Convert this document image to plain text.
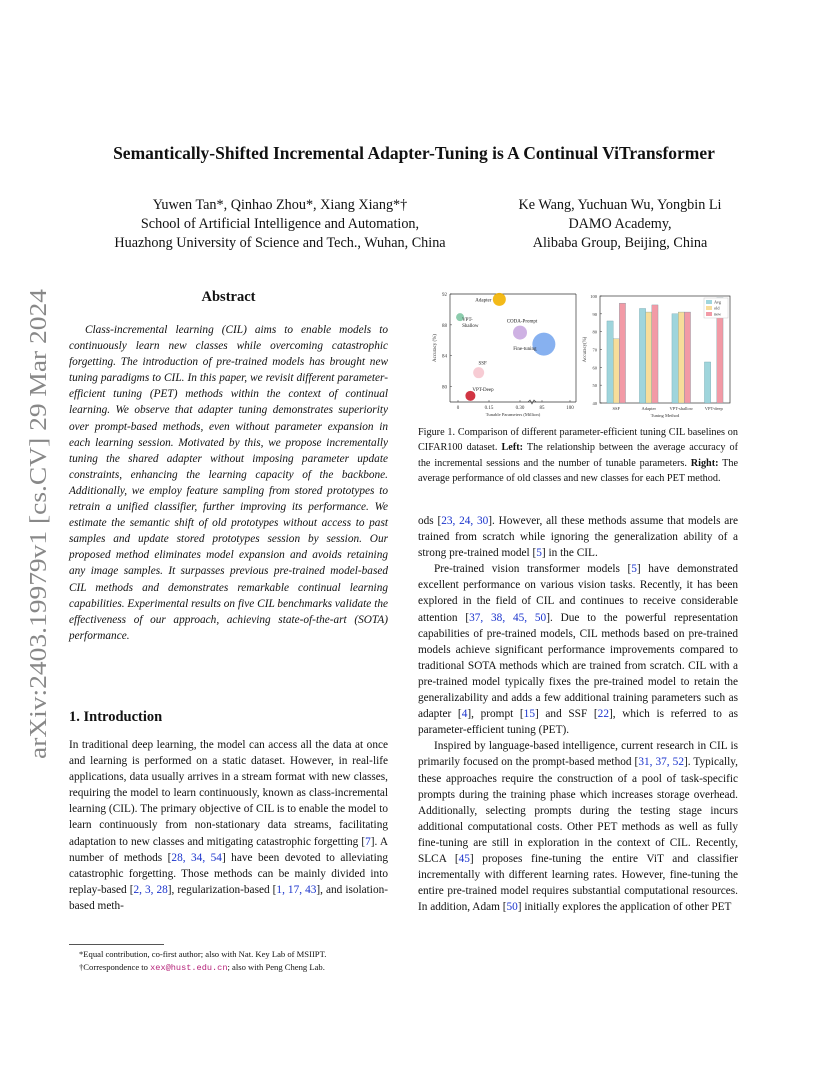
arXiv:2403.19979v1 [cs.CV] 29 Mar 2024
Semantically-Shifted Incremental Adapter-Tuning is A Continual ViTransformer
Yuwen Tan*, Qinhao Zhou*, Xiang Xiang*†
School of Artificial Intelligence and Automation,
Huazhong University of Science and Tech., Wuhan, China
Ke Wang, Yuchuan Wu, Yongbin Li
DAMO Academy,
Alibaba Group, Beijing, China
Abstract

Class-incremental learning (CIL) aims to enable models to continuously learn new classes while overcoming catastrophic forgetting. The introduction of pre-trained models has brought new tuning paradigms to CIL. In this paper, we revisit different parameter-efficient tuning (PET) methods within the context of continual learning. We observe that adapter tuning demonstrates superiority over prompt-based methods, even without parameter expansion in each learning session. Motivated by this, we propose incrementally tuning the shared adapter without imposing parameter update constraints, enhancing the learning capacity of the backbone. Additionally, we employ feature sampling from stored prototypes to retrain a unified classifier, further improving its performance. We estimate the semantic shift of old prototypes without access to past samples and update stored prototypes session by session. Our proposed method eliminates model expansion and avoids retaining any image samples. It surpasses previous pre-trained model-based CIL methods and demonstrates remarkable continual learning capabilities. Experimental results on five CIL benchmarks validate the effectiveness of our approach, achieving state-of-the-art (SOTA) performance.

1. Introduction

In traditional deep learning, the model can access all the data at once and learning is performed on a static dataset. However, in real-life applications, data usually arrives in a stream format with new classes, requiring the model to learn continuously, known as class-incremental learning (CIL). The primary objective of CIL is to enable the model to learn continuously from non-stationary data streams, facilitating adaptation to new classes and mitigating catastrophic forgetting [7]. A number of methods [28, 34, 54] have been devoted to alleviating catastrophic forgetting. Those methods can be mainly divided into replay-based [2, 3, 28], regularization-based [1, 17, 43], and isolation-based meth-

*Equal contribution, co-first author; also with Nat. Key Lab of MSIIPT.
†Correspondence to xex@hust.edu.cn; also with Peng Cheng Lab.
92
88
84
80
0	0.15	0.30	85	100
Tunable Parameters (Million)
Accuracy (%)
Adapter
VPT-
Shallow
CODA-Prompt
Fine-tuning
SSF
VPT-Deep
40
50
60
70
80
90
100
SSF	Adapter	VPT-shallow	VPT-deep
Tuning Method
Accuracy(%)
Avg
old
new
Figure 1. Comparison of different parameter-efficient tuning CIL baselines on CIFAR100 dataset. Left: The relationship between the average accuracy of the incremental sessions and the number of tunable parameters. Right: The average performance of old classes and new classes for each PET method.

ods [23, 24, 30]. However, all these methods assume that models are trained from scratch while ignoring the generalization ability of a strong pre-trained model [5] in the CIL.

Pre-trained vision transformer models [5] have demonstrated excellent performance on various vision tasks. Recently, it has been explored in the field of CIL and continues to receive considerable attention [37, 38, 45, 50]. Due to the powerful representation capabilities of pre-trained models, CIL methods based on pre-trained models achieve significant performance improvements compared to traditional SOTA methods which are trained from scratch. CIL with a pre-trained model typically fixes the pre-trained model to retain the generalizability and adds a few additional training parameters such as adapter [4], prompt [15] and SSF [22], which is referred to as parameter-efficient tuning (PET).

Inspired by language-based intelligence, current research in CIL is primarily focused on the prompt-based method [31, 37, 52]. Typically, these approaches require the construction of a pool of task-specific prompts during the training phase which increases storage overhead. Additionally, selecting prompts during the testing stage incurs additional computational costs. Other PET methods as well as fully fine-tuning are still in exploration in the context of CIL. Recently, SLCA [45] proposes fine-tuning the entire ViT and classifier incrementally with different learning rates. However, fine-tuning the entire pre-trained model requires substantial computational resources. In addition, Adam [50] initially explores the application of other PET
